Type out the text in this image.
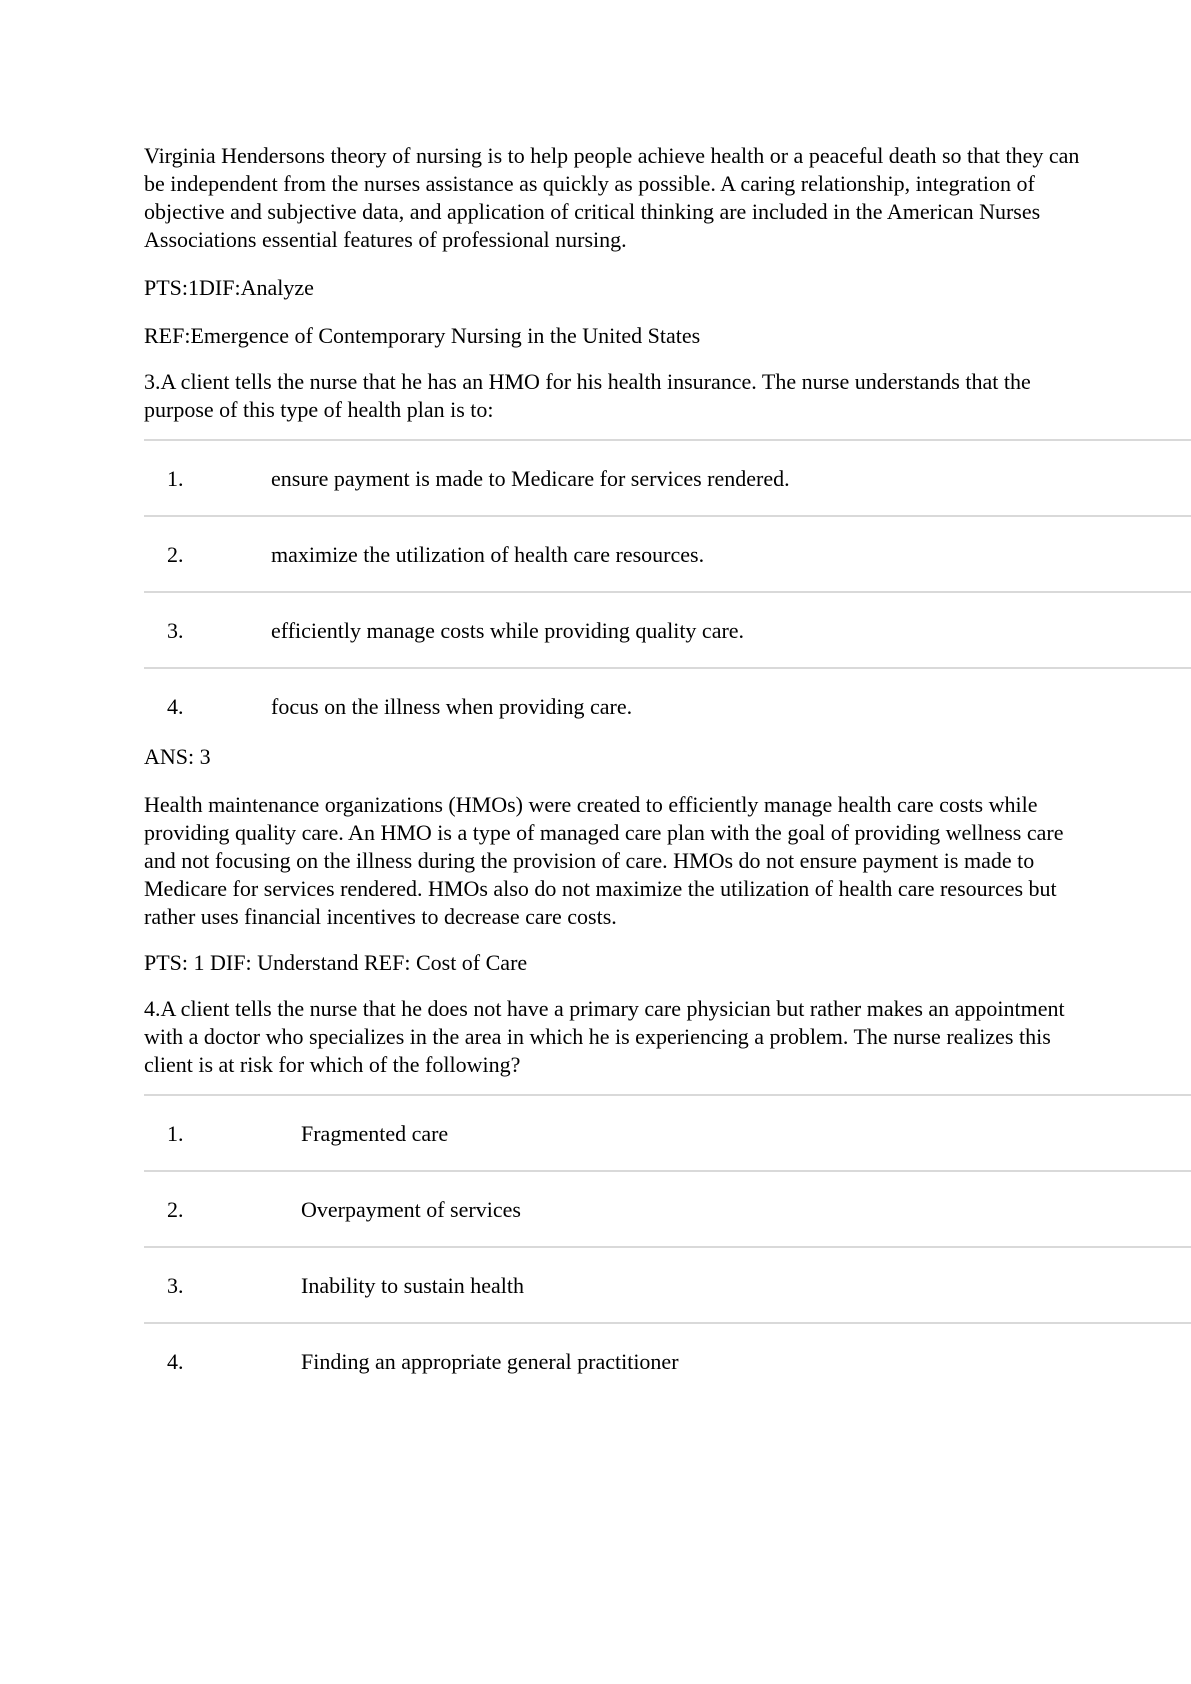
Virginia Hendersons theory of nursing is to help people achieve health or a peaceful death so that they can be independent from the nurses assistance as quickly as possible. A caring relationship, integration of objective and subjective data, and application of critical thinking are included in the American Nurses Associations essential features of professional nursing.

PTS:1DIF:Analyze

REF:Emergence of Contemporary Nursing in the United States

3.A client tells the nurse that he has an HMO for his health insurance. The nurse understands that the purpose of this type of health plan is to:

1.	ensure payment is made to Medicare for services rendered.
2.	maximize the utilization of health care resources.
3.	efficiently manage costs while providing quality care.
4.	focus on the illness when providing care.

ANS: 3

Health maintenance organizations (HMOs) were created to efficiently manage health care costs while providing quality care. An HMO is a type of managed care plan with the goal of providing wellness care and not focusing on the illness during the provision of care. HMOs do not ensure payment is made to Medicare for services rendered. HMOs also do not maximize the utilization of health care resources but rather uses financial incentives to decrease care costs.

PTS: 1 DIF: Understand REF: Cost of Care

4.A client tells the nurse that he does not have a primary care physician but rather makes an appointment with a doctor who specializes in the area in which he is experiencing a problem. The nurse realizes this client is at risk for which of the following?

1.	Fragmented care
2.	Overpayment of services
3.	Inability to sustain health
4.	Finding an appropriate general practitioner
